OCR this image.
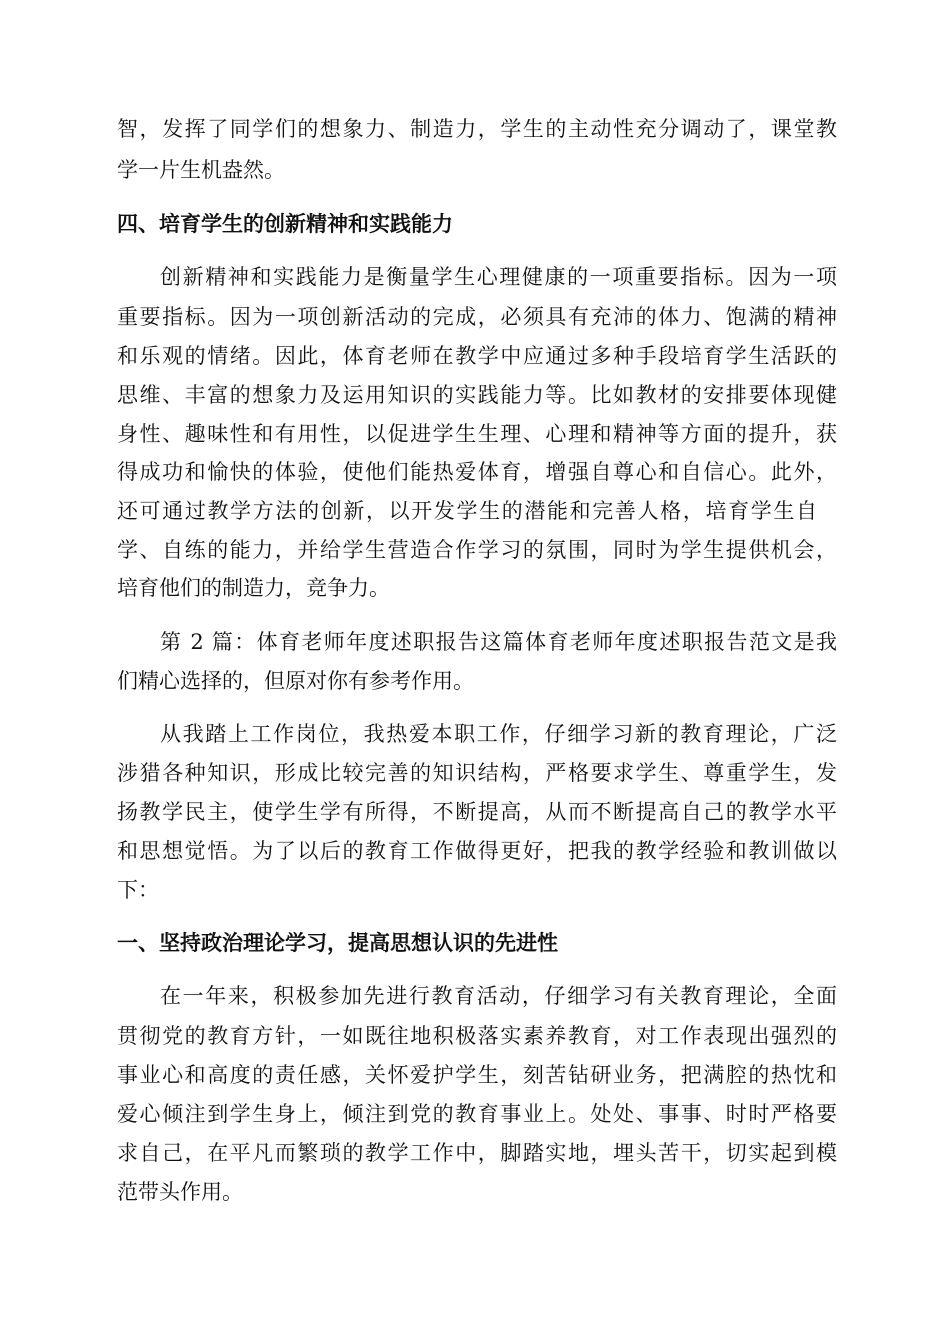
智，发挥了同学们的想象力、制造力，学生的主动性充分调动了，课堂教
学一片生机盎然。
四、培育学生的创新精神和实践能力
创新精神和实践能力是衡量学生心理健康的一项重要指标。因为一项
重要指标。因为一项创新活动的完成，必须具有充沛的体力、饱满的精神
和乐观的情绪。因此，体育老师在教学中应通过多种手段培育学生活跃的
思维、丰富的想象力及运用知识的实践能力等。比如教材的安排要体现健
身性、趣味性和有用性，以促进学生生理、心理和精神等方面的提升，获
得成功和愉快的体验，使他们能热爱体育，增强自尊心和自信心。此外，
还可通过教学方法的创新，以开发学生的潜能和完善人格，培育学生自
学、自练的能力，并给学生营造合作学习的氛围，同时为学生提供机会，
培育他们的制造力，竞争力。
第 2 篇：体育老师年度述职报告这篇体育老师年度述职报告范文是我
们精心选择的，但原对你有参考作用。
从我踏上工作岗位，我热爱本职工作，仔细学习新的教育理论，广泛
涉猎各种知识，形成比较完善的知识结构，严格要求学生、尊重学生，发
扬教学民主，使学生学有所得，不断提高，从而不断提高自己的教学水平
和思想觉悟。为了以后的教育工作做得更好，把我的教学经验和教训做以
下：
一、坚持政治理论学习，提高思想认识的先进性
在一年来，积极参加先进行教育活动，仔细学习有关教育理论，全面
贯彻党的教育方针，一如既往地积极落实素养教育，对工作表现出强烈的
事业心和高度的责任感，关怀爱护学生，刻苦钻研业务，把满腔的热忱和
爱心倾注到学生身上，倾注到党的教育事业上。处处、事事、时时严格要
求自己，在平凡而繁琐的教学工作中，脚踏实地，埋头苦干，切实起到模
范带头作用。
